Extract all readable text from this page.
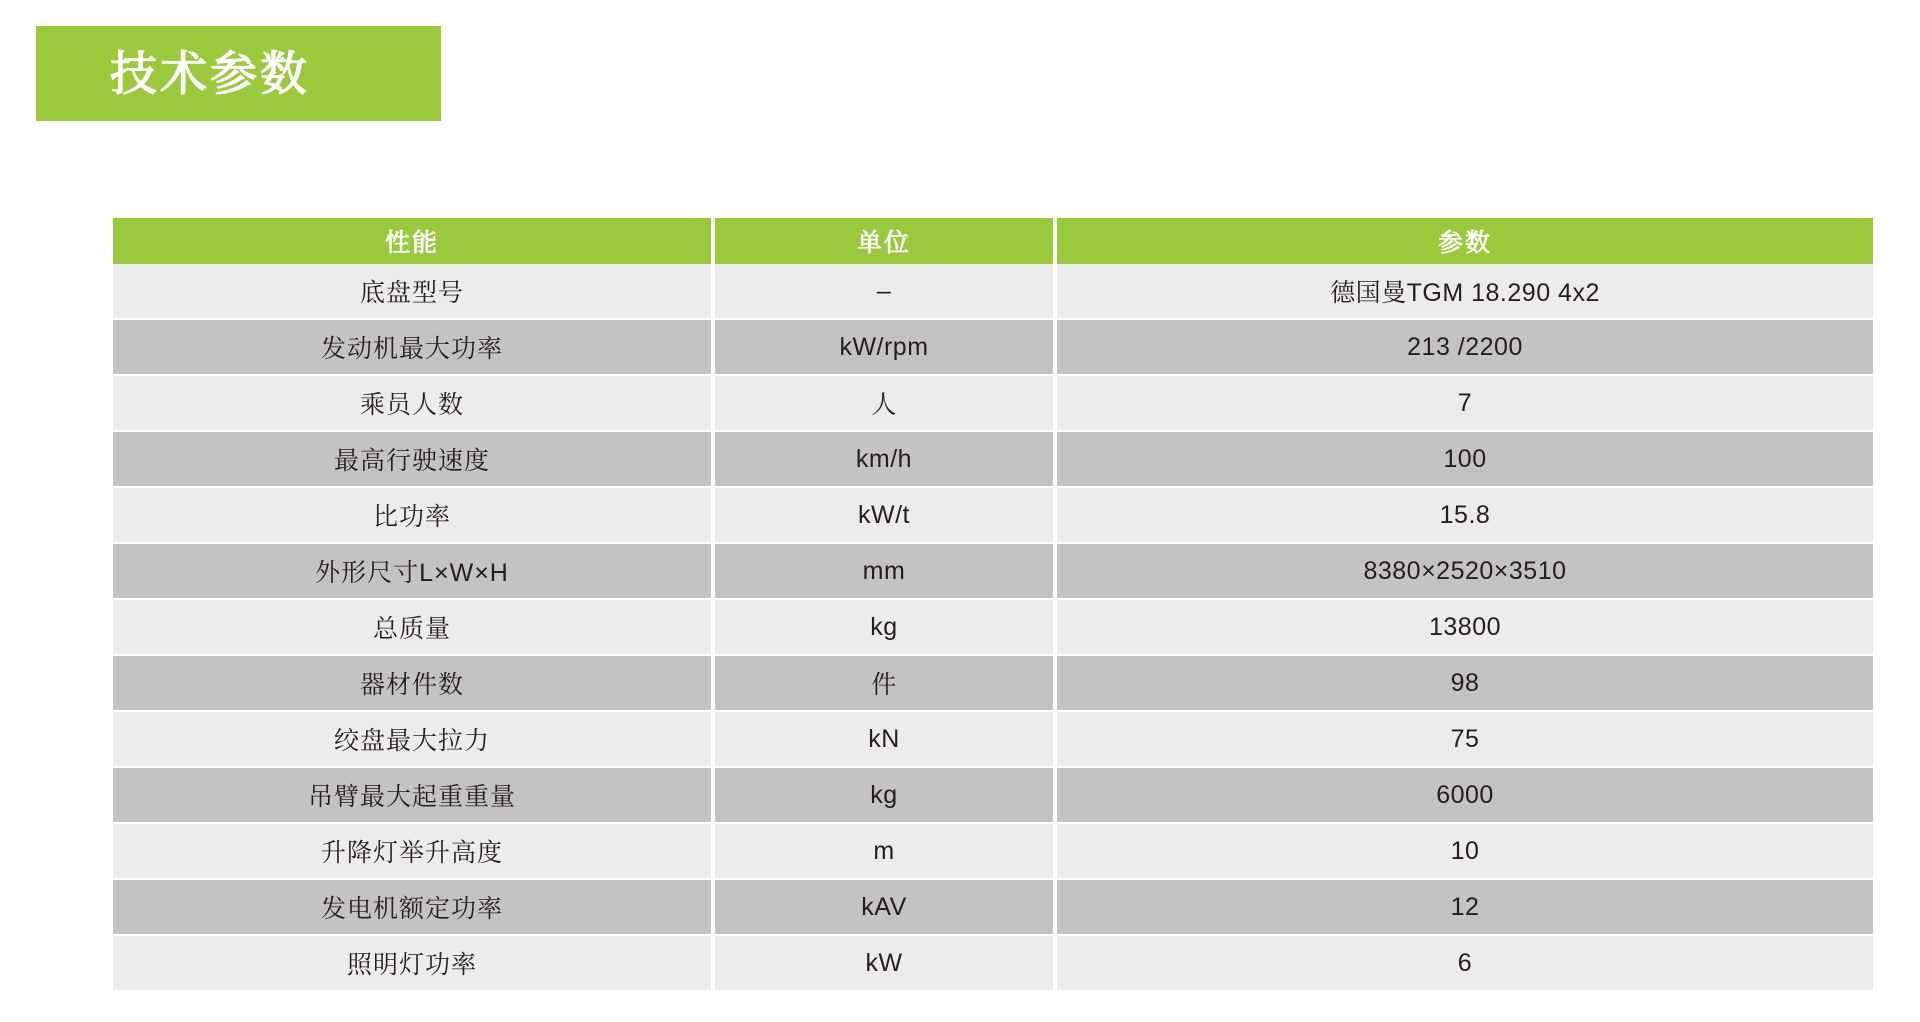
技术参数
性能	单位	参数
底盘型号	–	德国曼TGM 18.290 4x2
发动机最大功率	kW/rpm	213 /2200
乘员人数	人	7
最高行驶速度	km/h	100
比功率	kW/t	15.8
外形尺寸L×W×H	mm	8380×2520×3510
总质量	kg	13800
器材件数	件	98
绞盘最大拉力	kN	75
吊臂最大起重重量	kg	6000
升降灯举升高度	m	10
发电机额定功率	kAV	12
照明灯功率	kW	6
